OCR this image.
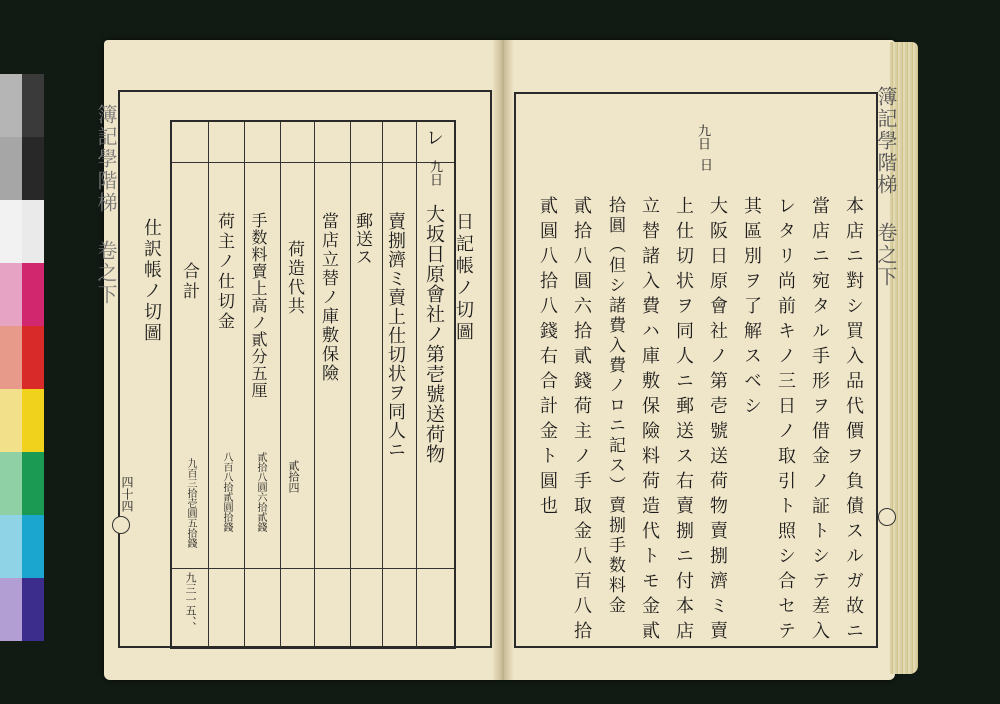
簿記學階梯 卷之下
四十四
レ
日記帳ノ切圖
九日
大坂日原會社ノ第壱號送荷物
賣捌濟ミ賣上仕切状ヲ同人ニ
郵送ス
當店立替ノ庫敷保險
荷造代共
手数料賣上高ノ貳分五厘
荷主ノ仕切金
合計
仕訳帳ノ切圖
貳拾四
貳拾八圓六拾貳錢
八百八拾貳圓拾錢
九百三拾壱圓五拾錢
九三一五、、
簿記學階梯 卷之下
九日
日
本店ニ對シ買入品代價ヲ負債スルガ故ニ
當店ニ宛タル手形ヲ借金ノ証トシテ差入
レタリ尚前キノ三日ノ取引ト照シ合セテ
其區別ヲ了解スベシ
大阪日原會社ノ第壱號送荷物賣捌濟ミ賣
上仕切状ヲ同人ニ郵送ス右賣捌ニ付本店
立替諸入費ハ庫敷保險料荷造代トモ金貳
拾圓（但シ諸費入費ノロニ記ス）賣捌手数料金
貳拾八圓六拾貳錢荷主ノ手取金八百八拾
貳圓八拾八錢右合計金ト圓也
